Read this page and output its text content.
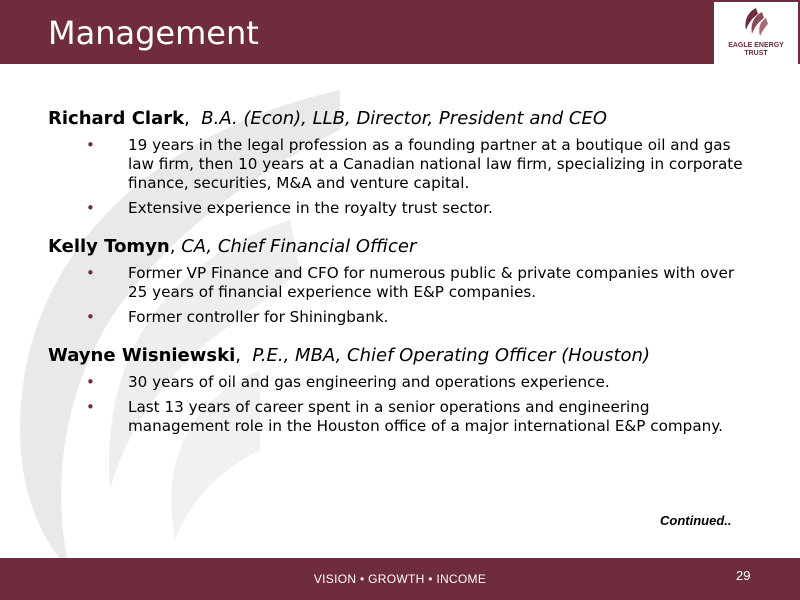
Management	EAGLE ENERGY
TRUST

Richard Clark,  B.A. (Econ), LLB, Director, President and CEO

• 19 years in the legal profession as a founding partner at a boutique oil and gas law firm, then 10 years at a Canadian national law firm, specializing in corporate finance, securities, M&A and venture capital.
• Extensive experience in the royalty trust sector.

Kelly Tomyn, CA, Chief Financial Officer

• Former VP Finance and CFO for numerous public & private companies with over 25 years of financial experience with E&P companies.
• Former controller for Shiningbank.

Wayne Wisniewski,  P.E., MBA, Chief Operating Officer (Houston)

• 30 years of oil and gas engineering and operations experience.
• Last 13 years of career spent in a senior operations and engineering management role in the Houston office of a major international E&P company.
Continued..
VISION • GROWTH • INCOME	29
